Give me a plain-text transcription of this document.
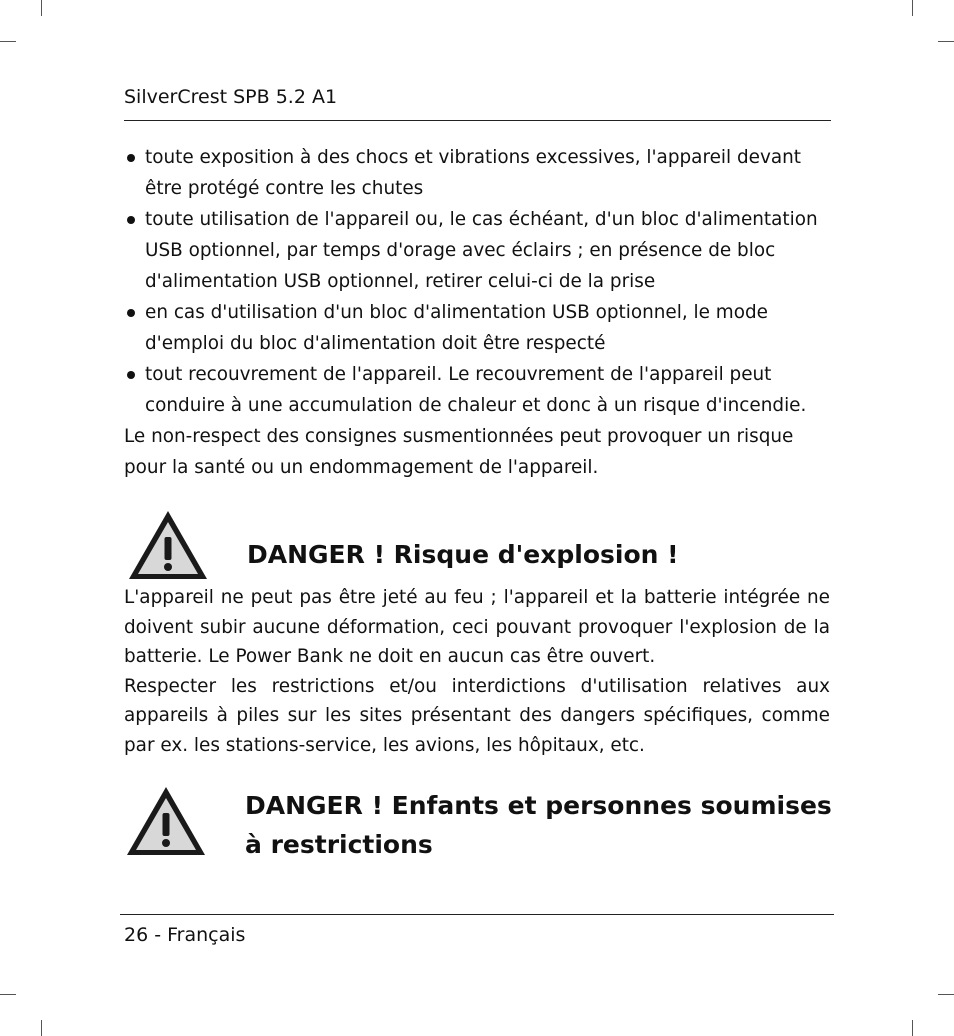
SilverCrest SPB 5.2 A1
toute exposition à des chocs et vibrations excessives, l'appareil devant être protégé contre les chutes
toute utilisation de l'appareil ou, le cas échéant, d'un bloc d'alimentation USB optionnel, par temps d'orage avec éclairs ; en présence de bloc d'alimentation USB optionnel, retirer celui-ci de la prise
en cas d'utilisation d'un bloc d'alimentation USB optionnel, le mode d'emploi du bloc d'alimentation doit être respecté
tout recouvrement de l'appareil. Le recouvrement de l'appareil peut conduire à une accumulation de chaleur et donc à un risque d'incendie.

Le non-respect des consignes susmentionnées peut provoquer un risque pour la santé ou un endommagement de l'appareil.

DANGER ! Risque d'explosion !

L'appareil ne peut pas être jeté au feu ; l'appareil et la batterie intégrée ne doivent subir aucune déformation, ceci pouvant provoquer l'explosion de la batterie. Le Power Bank ne doit en aucun cas être ouvert.

Respecter les restrictions et/ou interdictions d'utilisation relatives aux appareils à piles sur les sites présentant des dangers spécifiques, comme par ex. les stations-service, les avions, les hôpitaux, etc.

DANGER ! Enfants et personnes soumises
à restrictions
26 - Français
